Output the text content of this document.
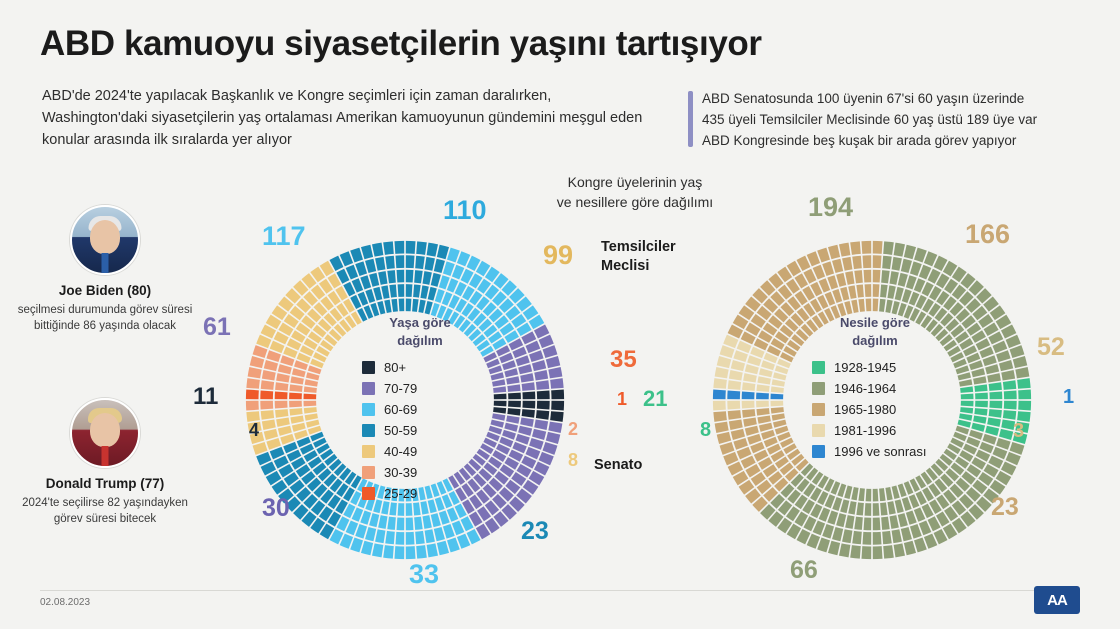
ABD kamuoyu siyasetçilerin yaşını tartışıyor
ABD'de 2024'te yapılacak Başkanlık ve Kongre seçimleri için zaman daralırken, Washington'daki siyasetçilerin yaş ortalaması Amerikan kamuoyunun gündemini meşgul eden konular arasında ilk sıralarda yer alıyor
ABD Senatosunda 100 üyenin 67'si 60 yaşın üzerinde
435 üyeli Temsilciler Meclisinde 60 yaş üstü 189 üye var
ABD Kongresinde beş kuşak bir arada görev yapıyor
Joe Biden (80)
seçilmesi durumunda görev süresi bittiğinde 86 yaşında olacak
Donald Trump (77)
2024'te seçilirse 82 yaşındayken görev süresi bitecek
Kongre üyelerinin yaş
ve nesillere göre dağılımı
Yaşa göre
dağılım
80+
70-79
60-69
50-59
40-49
30-39
25-29
110
117
99
61
35
11	1
4	2
8
30
23
33
Temsilciler
Meclisi
Senato
Nesile göre
dağılım
1928-1945
1946-1964
1965-1980
1981-1996
1996 ve sonrası
194
166
52
21	1
8	3
23
66
02.08.2023	AA
